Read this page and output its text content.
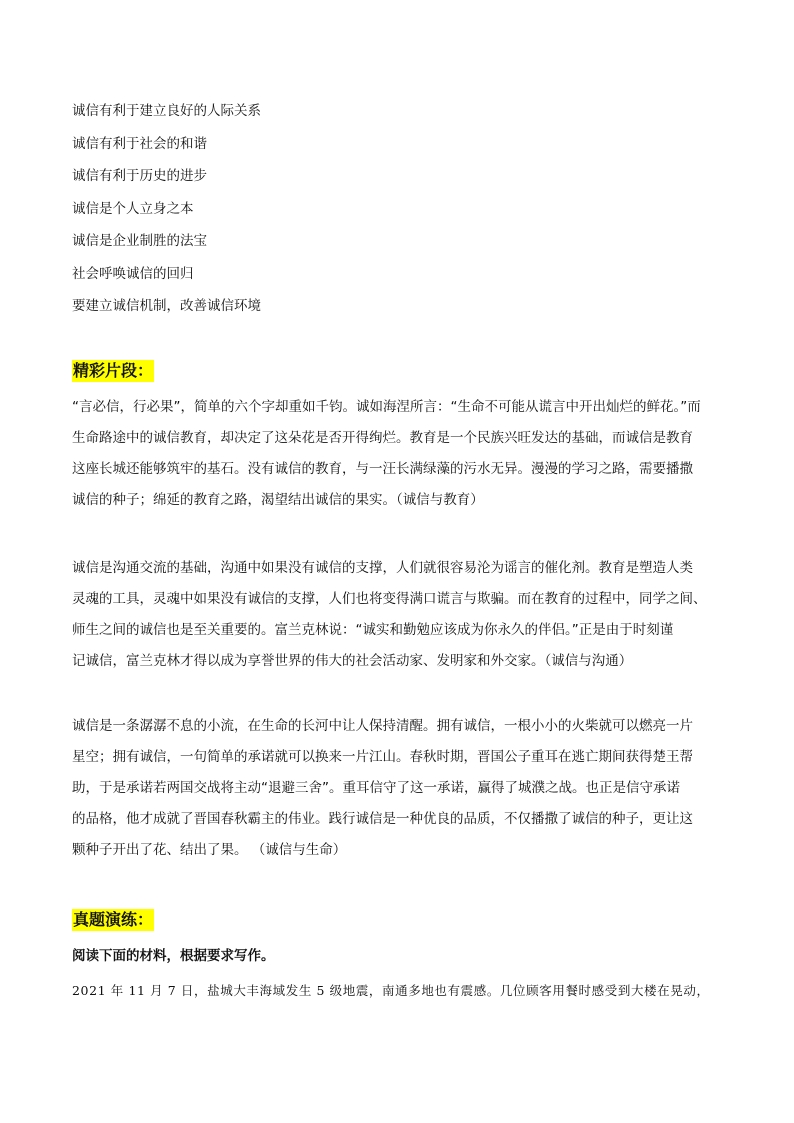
诚信有利于建立良好的人际关系
诚信有利于社会的和谐
诚信有利于历史的进步
诚信是个人立身之本
诚信是企业制胜的法宝
社会呼唤诚信的回归
要建立诚信机制，改善诚信环境
精彩片段：
“言必信，行必果”，简单的六个字却重如千钧。诚如海涅所言：“生命不可能从谎言中开出灿烂的鲜花。”而
生命路途中的诚信教育，却决定了这朵花是否开得绚烂。教育是一个民族兴旺发达的基础，而诚信是教育
这座长城还能够筑牢的基石。没有诚信的教育，与一汪长满绿藻的污水无异。漫漫的学习之路，需要播撒
诚信的种子；绵延的教育之路，渴望结出诚信的果实。（诚信与教育）
诚信是沟通交流的基础，沟通中如果没有诚信的支撑，人们就很容易沦为谣言的催化剂。教育是塑造人类
灵魂的工具，灵魂中如果没有诚信的支撑，人们也将变得满口谎言与欺骗。而在教育的过程中，同学之间、
师生之间的诚信也是至关重要的。富兰克林说：“诚实和勤勉应该成为你永久的伴侣。”正是由于时刻谨
记诚信，富兰克林才得以成为享誉世界的伟大的社会活动家、发明家和外交家。（诚信与沟通）
诚信是一条潺潺不息的小流，在生命的长河中让人保持清醒。拥有诚信，一根小小的火柴就可以燃亮一片
星空；拥有诚信，一句简单的承诺就可以换来一片江山。春秋时期，晋国公子重耳在逃亡期间获得楚王帮
助，于是承诺若两国交战将主动“退避三舍”。重耳信守了这一承诺，赢得了城濮之战。也正是信守承诺
的品格，他才成就了晋国春秋霸主的伟业。践行诚信是一种优良的品质，不仅播撒了诚信的种子，更让这
颗种子开出了花、结出了果。 （诚信与生命）
真题演练：
阅读下面的材料，根据要求写作。
2021 年 11 月 7 日，盐城大丰海域发生 5 级地震，南通多地也有震感。几位顾客用餐时感受到大楼在晃动，
